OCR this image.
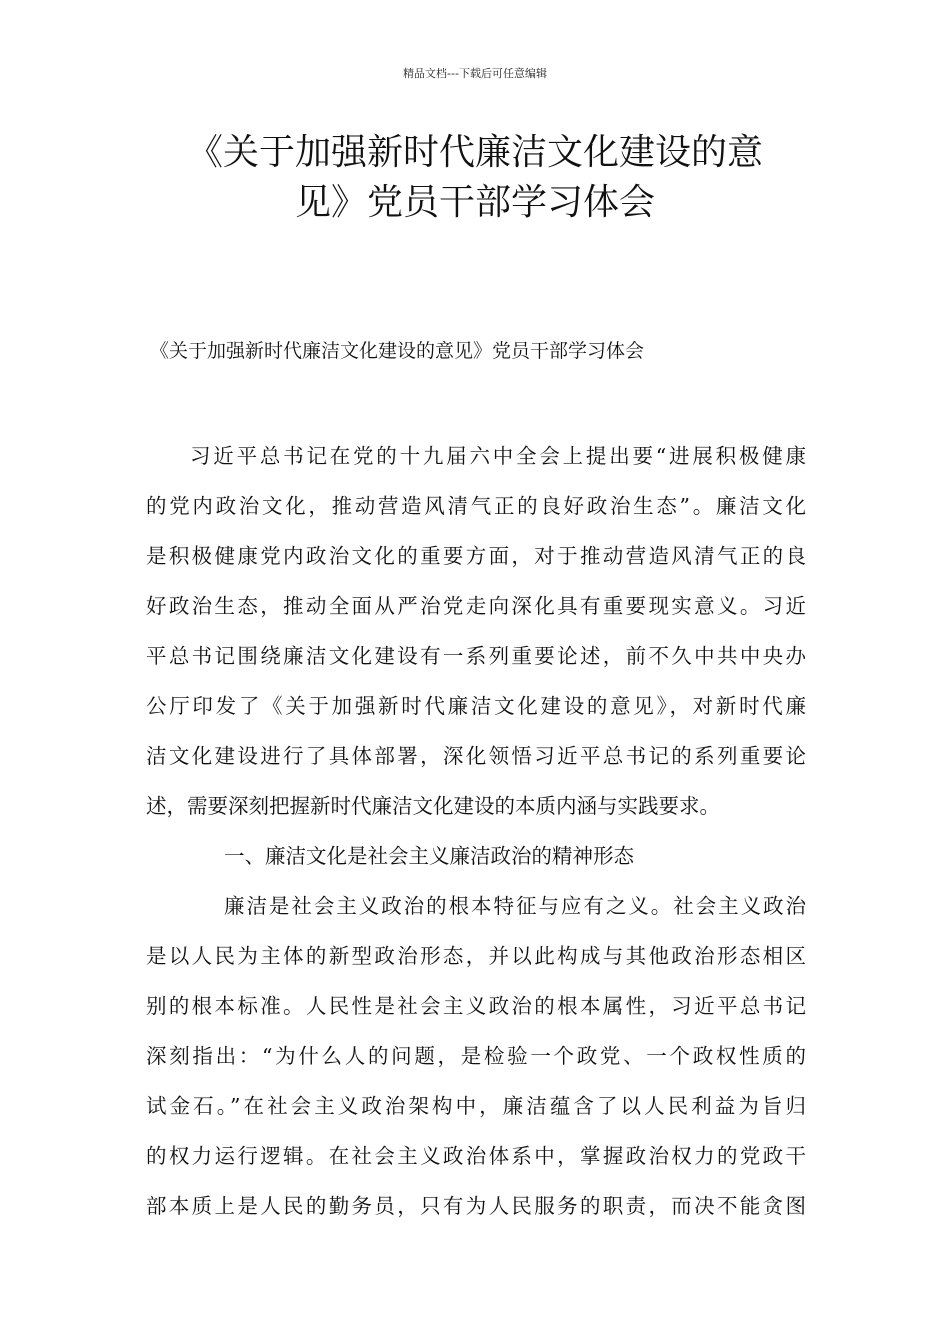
精品文档---下载后可任意编辑
《关于加强新时代廉洁文化建设的意
见》党员干部学习体会
《关于加强新时代廉洁文化建设的意见》党员干部学习体会
习近平总书记在党的十九届六中全会上提出要“进展积极健康
的党内政治文化，推动营造风清气正的良好政治生态”。廉洁文化
是积极健康党内政治文化的重要方面，对于推动营造风清气正的良
好政治生态，推动全面从严治党走向深化具有重要现实意义。习近
平总书记围绕廉洁文化建设有一系列重要论述，前不久中共中央办
公厅印发了《关于加强新时代廉洁文化建设的意见》，对新时代廉
洁文化建设进行了具体部署，深化领悟习近平总书记的系列重要论
述，需要深刻把握新时代廉洁文化建设的本质内涵与实践要求。
一、廉洁文化是社会主义廉洁政治的精神形态
廉洁是社会主义政治的根本特征与应有之义。社会主义政治
是以人民为主体的新型政治形态，并以此构成与其他政治形态相区
别的根本标准。人民性是社会主义政治的根本属性，习近平总书记
深刻指出：“为什么人的问题，是检验一个政党、一个政权性质的
试金石。”在社会主义政治架构中，廉洁蕴含了以人民利益为旨归
的权力运行逻辑。在社会主义政治体系中，掌握政治权力的党政干
部本质上是人民的勤务员，只有为人民服务的职责，而决不能贪图
